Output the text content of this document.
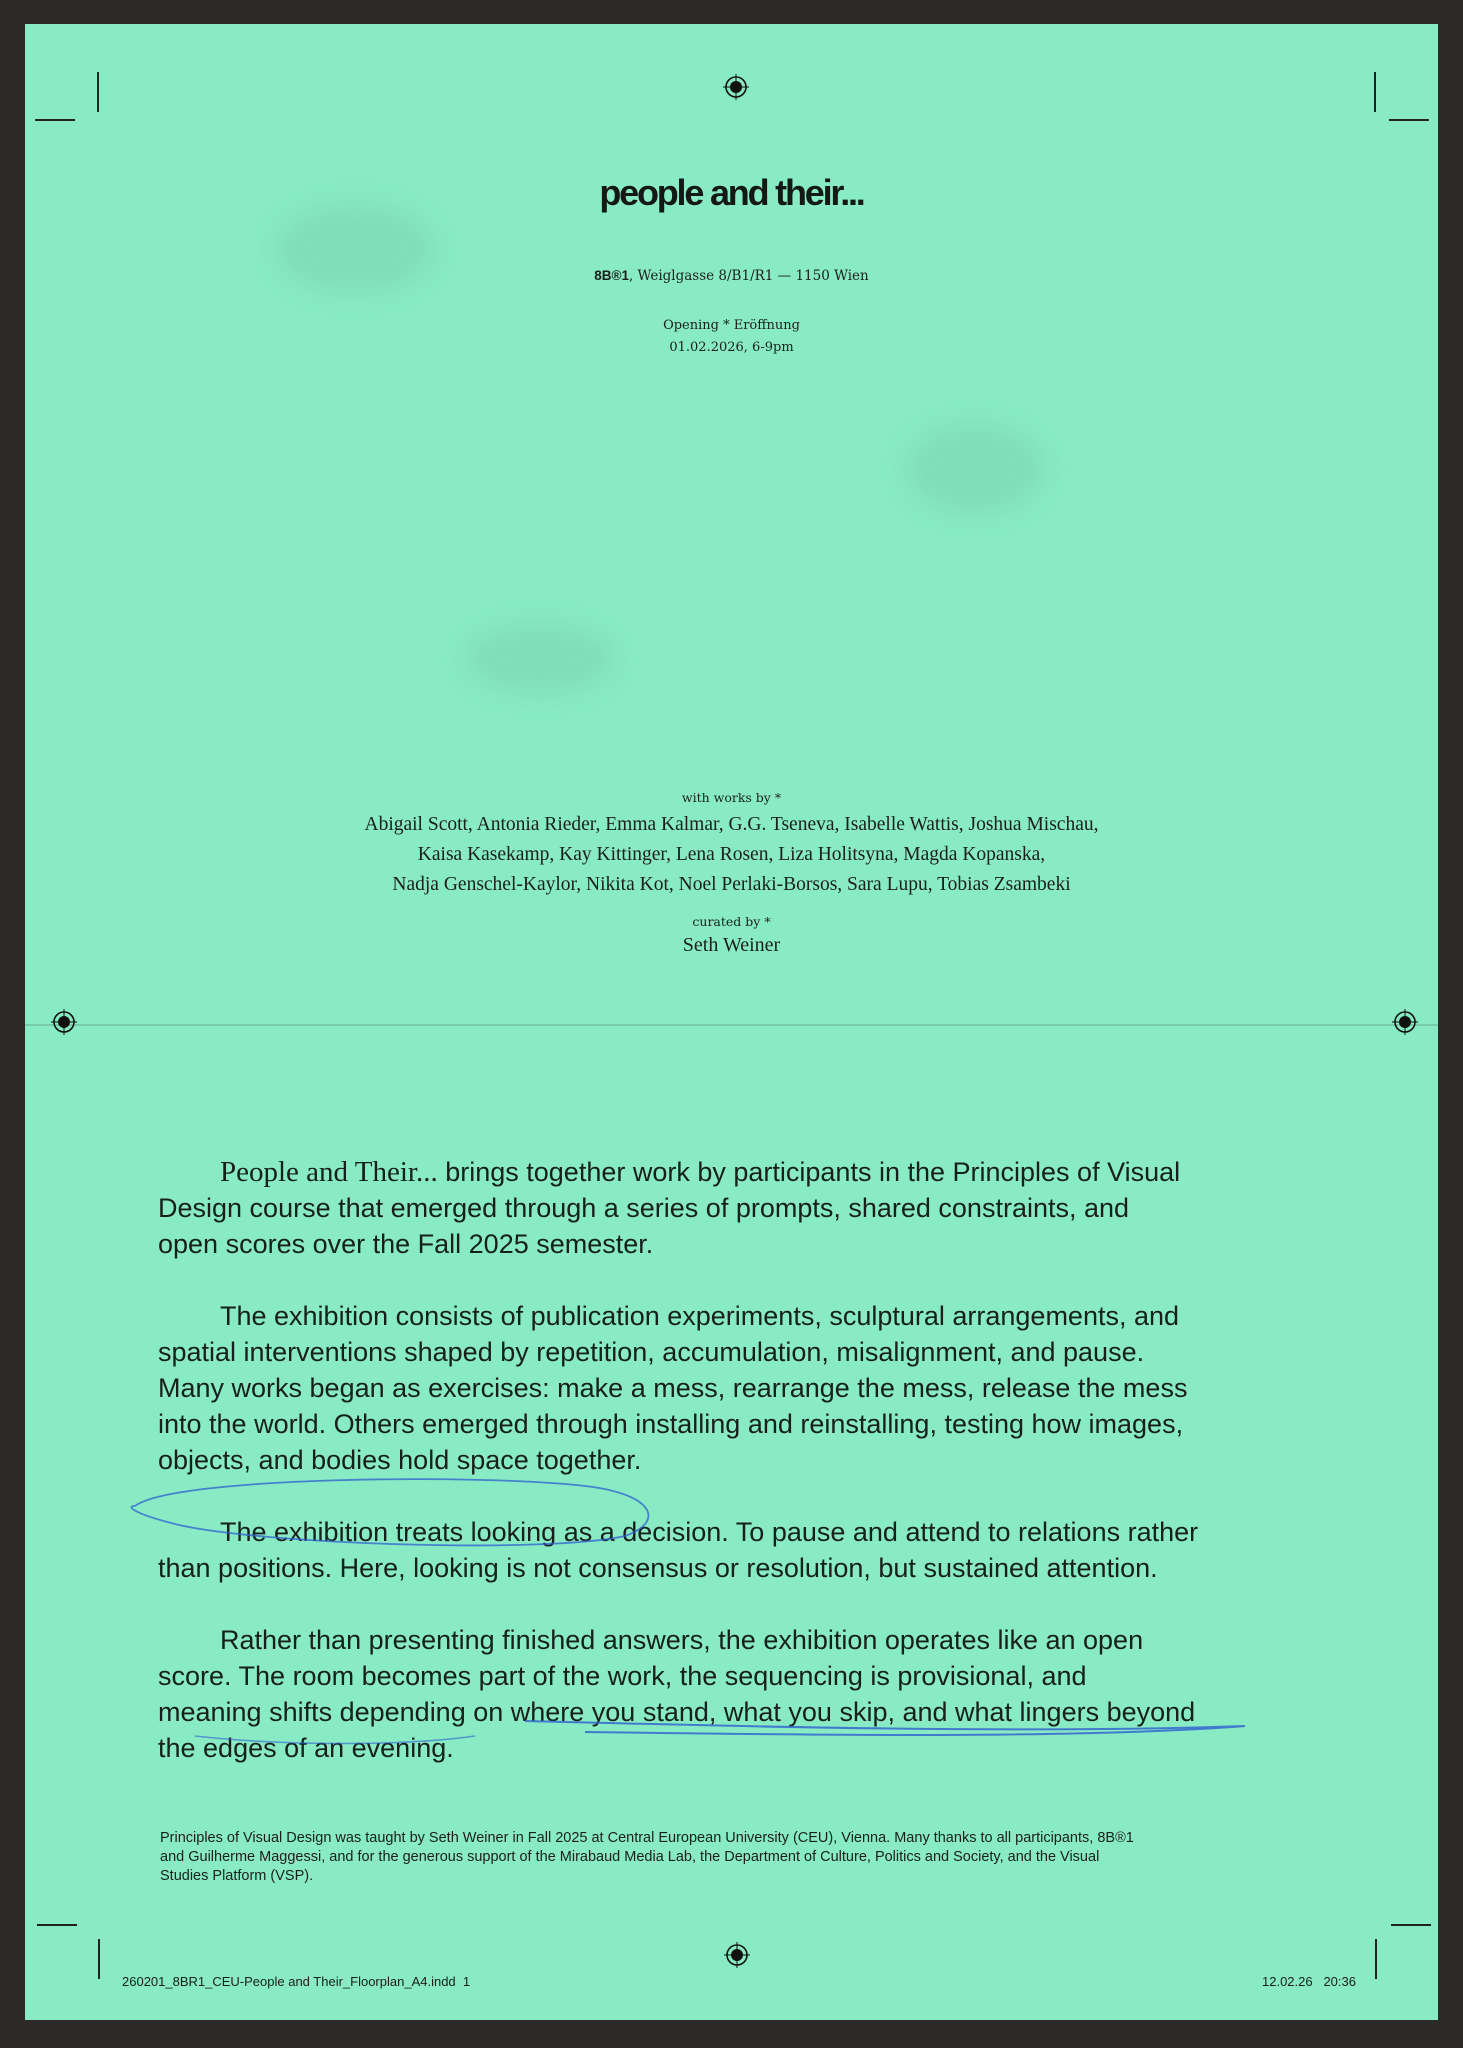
people and their...
8B®1, Weiglgasse 8/B1/R1 — 1150 Wien
Opening * Eröffnung
01.02.2026, 6-9pm
with works by *
Abigail Scott, Antonia Rieder, Emma Kalmar, G.G. Tseneva, Isabelle Wattis, Joshua Mischau,
Kaisa Kasekamp, Kay Kittinger, Lena Rosen, Liza Holitsyna, Magda Kopanska,
Nadja Genschel-Kaylor, Nikita Kot, Noel Perlaki-Borsos, Sara Lupu, Tobias Zsambeki
curated by *
Seth Weiner
People and Their... brings together work by participants in the Principles of Visual
Design course that emerged through a series of prompts, shared constraints, and
open scores over the Fall 2025 semester.
The exhibition consists of publication experiments, sculptural arrangements, and
spatial interventions shaped by repetition, accumulation, misalignment, and pause.
Many works began as exercises: make a mess, rearrange the mess, release the mess
into the world. Others emerged through installing and reinstalling, testing how images,
objects, and bodies hold space together.
The exhibition treats looking as a decision. To pause and attend to relations rather
than positions. Here, looking is not consensus or resolution, but sustained attention.
Rather than presenting finished answers, the exhibition operates like an open
score. The room becomes part of the work, the sequencing is provisional, and
meaning shifts depending on where you stand, what you skip, and what lingers beyond
the edges of an evening.
Principles of Visual Design was taught by Seth Weiner in Fall 2025 at Central European University (CEU), Vienna. Many thanks to all participants, 8B®1
and Guilherme Maggessi, and for the generous support of the Mirabaud Media Lab, the Department of Culture, Politics and Society, and the Visual
Studies Platform (VSP).
260201_8BR1_CEU-People and Their_Floorplan_A4.indd 1	12.02.26 20:36
